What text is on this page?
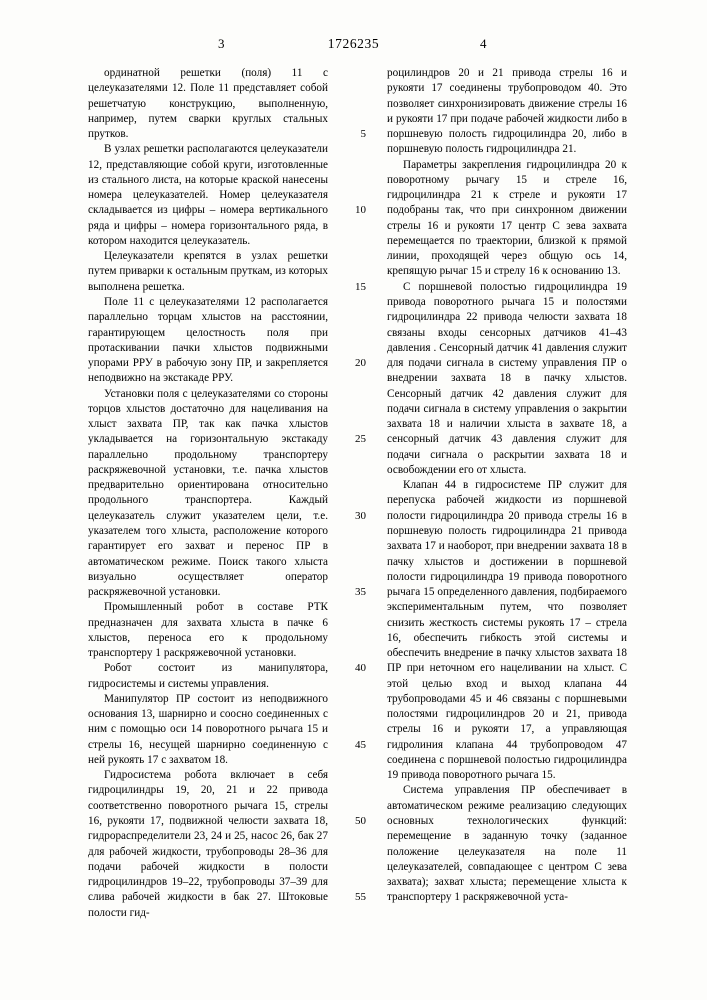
3	1726235	4

ординатной решетки (поля) 11 с целеуказателями 12. Поле 11 представляет собой решетчатую конструкцию, выполненную, например, путем сварки круглых стальных прутков.

В узлах решетки располагаются целеуказатели 12, представляющие собой круги, изготовленные из стального листа, на которые краской нанесены номера целеуказателей. Номер целеуказателя складывается из цифры – номера вертикального ряда и цифры – номера горизонтального ряда, в котором находится целеуказатель.

Целеуказатели крепятся в узлах решетки путем приварки к остальным пруткам, из которых выполнена решетка.

Поле 11 с целеуказателями 12 располагается параллельно торцам хлыстов на расстоянии, гарантирующем целостность поля при протаскивании пачки хлыстов подвижными упорами РРУ в рабочую зону ПР, и закрепляется неподвижно на экстакаде РРУ.

Установки поля с целеуказателями со стороны торцов хлыстов достаточно для нацеливания на хлыст захвата ПР, так как пачка хлыстов укладывается на горизонтальную экстакаду параллельно продольному транспортеру раскряжевочной установки, т.е. пачка хлыстов предварительно ориентирована относительно продольного транспортера. Каждый целеуказатель служит указателем цели, т.е. указателем того хлыста, расположение которого гарантирует его захват и перенос ПР в автоматическом режиме. Поиск такого хлыста визуально осуществляет оператор раскряжевочной установки.

Промышленный робот в составе РТК предназначен для захвата хлыста в пачке 6 хлыстов, переноса его к продольному транспортеру 1 раскряжевочной установки.

Робот состоит из манипулятора, гидросистемы и системы управления.

Манипулятор ПР состоит из неподвижного основания 13, шарнирно и соосно соединенных с ним с помощью оси 14 поворотного рычага 15 и стрелы 16, несущей шарнирно соединенную с ней рукоять 17 с захватом 18.

Гидросистема робота включает в себя гидроцилиндры 19, 20, 21 и 22 привода соответственно поворотного рычага 15, стрелы 16, рукояти 17, подвижной челюсти захвата 18, гидрораспределители 23, 24 и 25, насос 26, бак 27 для рабочей жидкости, трубопроводы 28–36 для подачи рабочей жидкости в полости гидроцилиндров 19–22, трубопроводы 37–39 для слива рабочей жидкости в бак 27. Штоковые полости гид-

5
10
15
20
25
30
35
40
45
50
55

роцилиндров 20 и 21 привода стрелы 16 и рукояти 17 соединены трубопроводом 40. Это позволяет синхронизировать движение стрелы 16 и рукояти 17 при подаче рабочей жидкости либо в поршневую полость гидроцилиндра 20, либо в поршневую полость гидроцилиндра 21.

Параметры закрепления гидроцилиндра 20 к поворотному рычагу 15 и стреле 16, гидроцилиндра 21 к стреле и рукояти 17 подобраны так, что при синхронном движении стрелы 16 и рукояти 17 центр С зева захвата перемещается по траектории, близкой к прямой линии, проходящей через общую ось 14, крепящую рычаг 15 и стрелу 16 к основанию 13.

С поршневой полостью гидроцилиндра 19 привода поворотного рычага 15 и полостями гидроцилиндра 22 привода челюсти захвата 18 связаны входы сенсорных датчиков 41–43 давления . Сенсорный датчик 41 давления служит для подачи сигнала в систему управления ПР о внедрении захвата 18 в пачку хлыстов. Сенсорный датчик 42 давления служит для подачи сигнала в систему управления о закрытии захвата 18 и наличии хлыста в захвате 18, а сенсорный датчик 43 давления служит для подачи сигнала о раскрытии захвата 18 и освобождении его от хлыста.

Клапан 44 в гидросистеме ПР служит для перепуска рабочей жидкости из поршневой полости гидроцилиндра 20 привода стрелы 16 в поршневую полость гидроцилиндра 21 привода захвата 17 и наоборот, при внедрении захвата 18 в пачку хлыстов и достижении в поршневой полости гидроцилиндра 19 привода поворотного рычага 15 определенного давления, подбираемого экспериментальным путем, что позволяет снизить жесткость системы рукоять 17 – стрела 16, обеспечить гибкость этой системы и обеспечить внедрение в пачку хлыстов захвата 18 ПР при неточном его нацеливании на хлыст. С этой целью вход и выход клапана 44 трубопроводами 45 и 46 связаны с поршневыми полостями гидроцилиндров 20 и 21, привода стрелы 16 и рукояти 17, а управляющая гидролиния клапана 44 трубопроводом 47 соединена с поршневой полостью гидроцилиндра 19 привода поворотного рычага 15.

Система управления ПР обеспечивает в автоматическом режиме реализацию следующих основных технологических функций: перемещение в заданную точку (заданное положение целеуказателя на поле 11 целеуказателей, совпадающее с центром С зева захвата); захват хлыста; перемещение хлыста к транспортеру 1 раскряжевочной уста-
